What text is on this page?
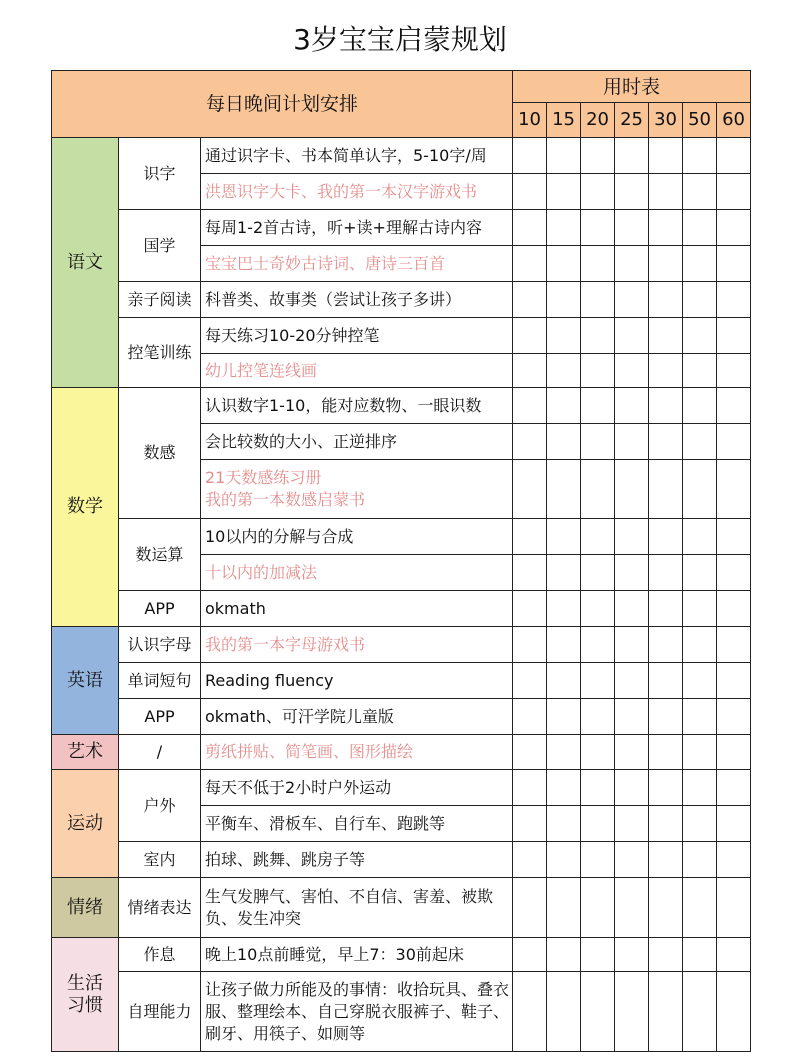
3岁宝宝启蒙规划
每日晚间计划安排			用时表						
			10	15	20	25	30	50	60
语文	识字	通过识字卡、书本简单认字，5-10字/周							
		洪恩识字大卡、我的第一本汉字游戏书							
	国学	每周1-2首古诗，听+读+理解古诗内容							
		宝宝巴士奇妙古诗词、唐诗三百首							
	亲子阅读	科普类、故事类（尝试让孩子多讲）							
	控笔训练	每天练习10-20分钟控笔							
		幼儿控笔连线画							
数学	数感	认识数字1-10，能对应数物、一眼识数							
		会比较数的大小、正逆排序							

		21天数感练习册
我的第一本数感启蒙书							

	数运算	10以内的分解与合成							
		十以内的加减法							
	APP	okmath							
英语	认识字母	我的第一本字母游戏书							
	单词短句	Reading fluency							
	APP	okmath、可汗学院儿童版							
艺术	/	剪纸拼贴、简笔画、图形描绘							
运动	户外	每天不低于2小时户外运动							
		平衡车、滑板车、自行车、跑跳等							
	室内	拍球、跳舞、跳房子等							
情绪	情绪表达	生气发脾气、害怕、不自信、害羞、被欺负、发生冲突							
生活
习惯	作息	晚上10点前睡觉，早上7：30前起床							
	自理能力	让孩子做力所能及的事情：收拾玩具、叠衣服、整理绘本、自己穿脱衣服裤子、鞋子、刷牙、用筷子、如厕等							
